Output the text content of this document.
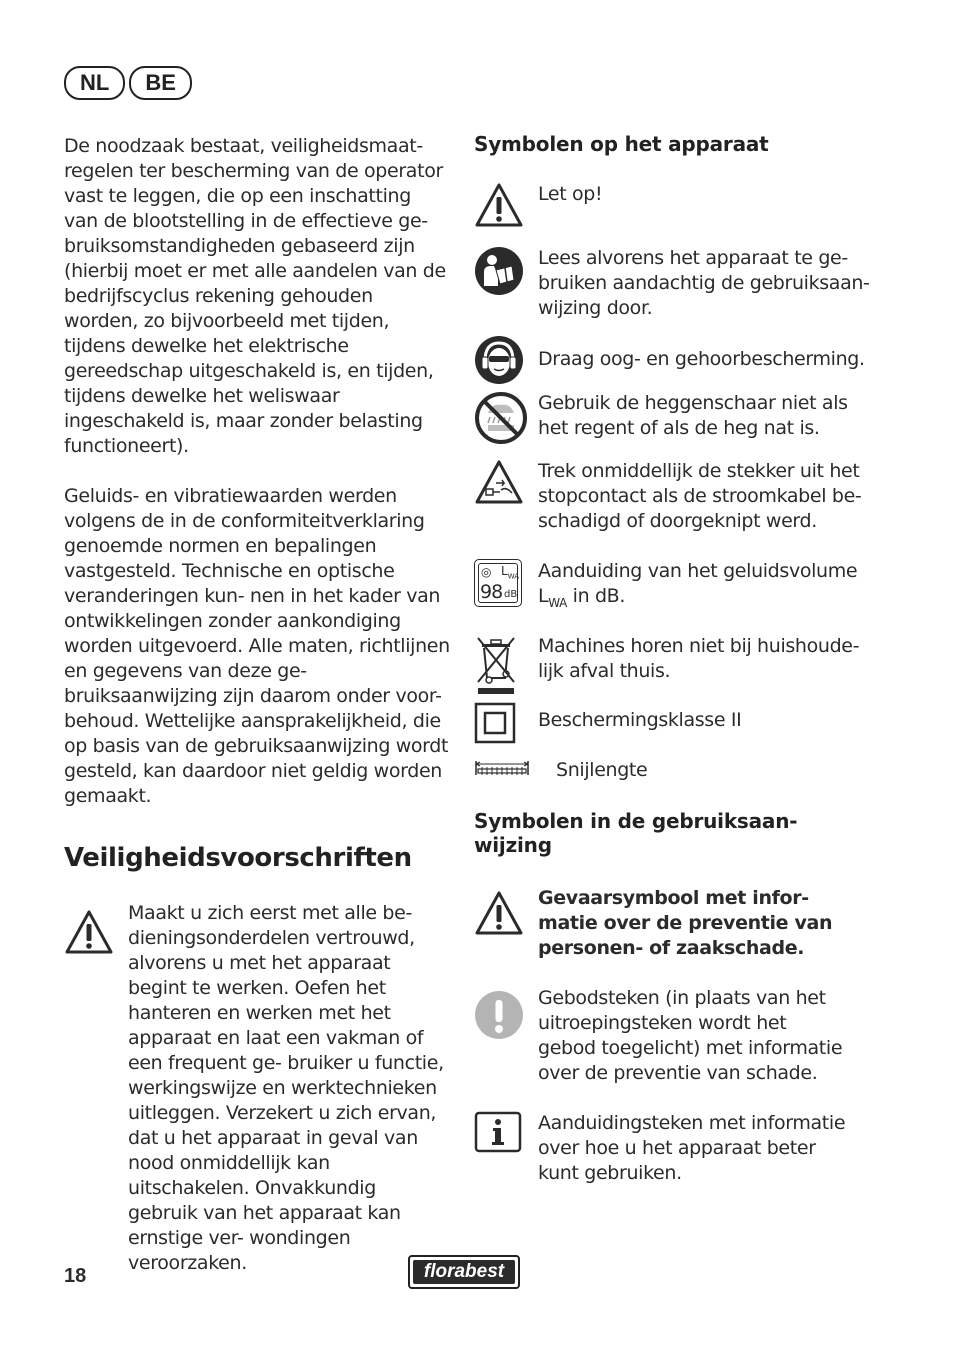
NL	BE

De noodzaak bestaat, veiligheidsmaat- regelen ter bescherming van de operator vast te leggen, die op een inschatting van de blootstelling in de effectieve ge- bruiksomstandigheden gebaseerd zijn (hierbij moet er met alle aandelen van de bedrijfscyclus rekening gehouden worden, zo bijvoorbeeld met tijden, tijdens dewelke het elektrische gereedschap uitgeschakeld is, en tijden, tijdens dewelke het weliswaar ingeschakeld is, maar zonder belasting functioneert).

Geluids- en vibratiewaarden werden volgens de in de conformiteitverklaring genoemde normen en bepalingen vastgesteld. Technische en optische veranderingen kun- nen in het kader van ontwikkelingen zonder aankondiging worden uitgevoerd. Alle maten, richtlijnen en gegevens van deze ge- bruiksaanwijzing zijn daarom onder voor- behoud. Wettelijke aansprakelijkheid, die op basis van de gebruiksaanwijzing wordt gesteld, kan daardoor niet geldig worden gemaakt.

Veiligheidsvoorschriften

Maakt u zich eerst met alle be- dieningsonderdelen vertrouwd, alvorens u met het apparaat begint te werken. Oefen het hanteren en werken met het apparaat en laat een vakman of een frequent ge- bruiker u functie, werkingswijze en werktechnieken uitleggen. Verzekert u zich ervan, dat u het apparaat in geval van nood onmiddellijk kan uitschakelen. Onvakkundig gebruik van het apparaat kan ernstige ver- wondingen veroorzaken.

Symbolen op het apparaat
Let op!
Lees alvorens het apparaat te ge- bruiken aandachtig de gebruiksaan- wijzing door.
Draag oog- en gehoorbescherming.
Gebruik de heggenschaar niet als het regent of als de heg nat is.
Trek onmiddellijk de stekker uit het stopcontact als de stroomkabel be- schadigd of doorgeknipt werd.
◎ $L_{WA}$
98 dB
Aanduiding van het geluidsvolume $L_{WA}$ in dB.
Machines horen niet bij huishoude- lijk afval thuis.
Beschermingsklasse II
Snijlengte
Symbolen in de gebruiksaan- wijzing
Gevaarsymbool met infor- matie over de preventie van personen- of zaakschade.
Gebodsteken (in plaats van het uitroepingsteken wordt het gebod toegelicht) met informatie over de preventie van schade.
Aanduidingsteken met informatie over hoe u het apparaat beter kunt gebruiken.
18	florabest
